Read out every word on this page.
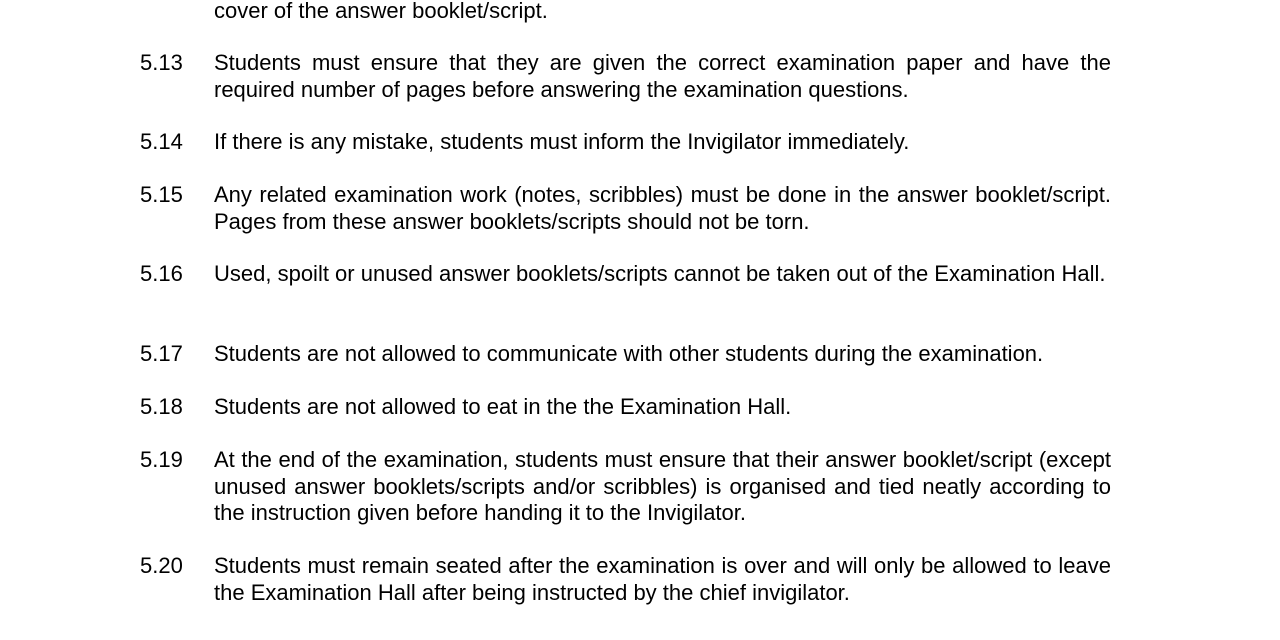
cover of the answer booklet/script.
5.13	Students must ensure that they are given the correct examination paper and have the required number of pages before answering the examination questions.
5.14	If there is any mistake, students must inform the Invigilator immediately.
5.15	Any related examination work (notes, scribbles) must be done in the answer booklet/script. Pages from these answer booklets/scripts should not be torn.
5.16	Used, spoilt or unused answer booklets/scripts cannot be taken out of the Examination Hall.
5.17	Students are not allowed to communicate with other students during the examination.
5.18	Students are not allowed to eat in the the Examination Hall.
5.19	At the end of the examination, students must ensure that their answer booklet/script (except unused answer booklets/scripts and/or scribbles) is organised and tied neatly according to the instruction given before handing it to the Invigilator.
5.20	Students must remain seated after the examination is over and will only be allowed to leave the Examination Hall after being instructed by the chief invigilator.
